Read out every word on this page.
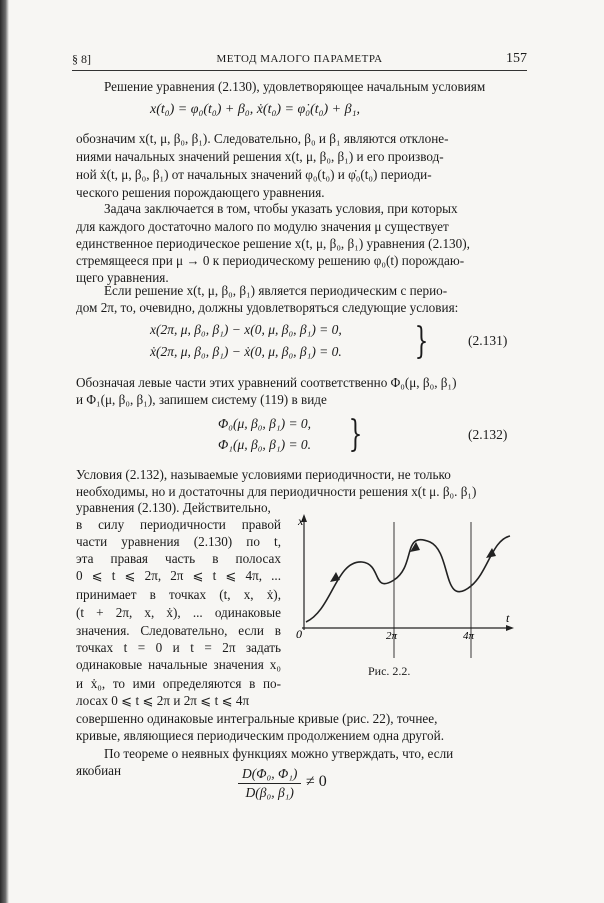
§ 8]	МЕТОД МАЛОГО ПАРАМЕТРА	157
Решение уравнения (2.130), удовлетворяющее начальным условиям
x(t₀) = φ₀(t₀) + β₀, ẋ(t₀) = φ̇₀(t₀) + β₁,
обозначим x(t, μ, β₀, β₁). Следовательно, β₀ и β₁ являются отклоне-
ниями начальных значений решения x(t, μ, β₀, β₁) и его производ-
ной ẋ(t, μ, β₀, β₁) от начальных значений φ₀(t₀) и φ̇₀(t₀) периоди-
ческого решения порождающего уравнения.
Задача заключается в том, чтобы указать условия, при которых
для каждого достаточно малого по модулю значения μ существует
единственное периодическое решение x(t, μ, β₀, β₁) уравнения (2.130),
стремящееся при μ → 0 к периодическому решению φ₀(t) порождаю-
щего уравнения.
Если решение x(t, μ, β₀, β₁) является периодическим с перио-
дом 2π, то, очевидно, должны удовлетворяться следующие условия:
x(2π, μ, β₀, β₁) − x(0, μ, β₀, β₁) = 0,
ẋ(2π, μ, β₀, β₁) − ẋ(0, μ, β₀, β₁) = 0. }	(2.131)
Обозначая левые части этих уравнений соответственно Φ₀(μ, β₀, β₁)
и Φ₁(μ, β₀, β₁), запишем систему (119) в виде
Φ₀(μ, β₀, β₁) = 0,
Φ₁(μ, β₀, β₁) = 0. }	(2.132)
Условия (2.132), называемые условиями периодичности, не только
необходимы, но и достаточны для периодичности решения x(t μ. β₀. β₁)
уравнения (2.130). Действительно,
в силу периодичности правой
части уравнения (2.130) по t,
эта правая часть в полосах
0 ⩽ t ⩽ 2π, 2π ⩽ t ⩽ 4π, ...
принимает в точках (t, x, ẋ),
(t + 2π, x, ẋ), ... одинаковые
значения. Следовательно, если в
точках t = 0 и t = 2π задать
одинаковые начальные значения x₀
и ẋ₀, то ими определяются в по-
лосах 0 ⩽ t ⩽ 2π и 2π ⩽ t ⩽ 4π
x
t
0	2π	4π
Рис. 2.2.
совершенно одинаковые интегральные кривые (рис. 22), точнее,
кривые, являющиеся периодическим продолжением одна другой.
По теореме о неявных функциях можно утверждать, что, если
якобиан	$\frac{\text{D(Φ₀, Φ₁)}}{\text{D(β₀, β₁)}} \ne 0$
